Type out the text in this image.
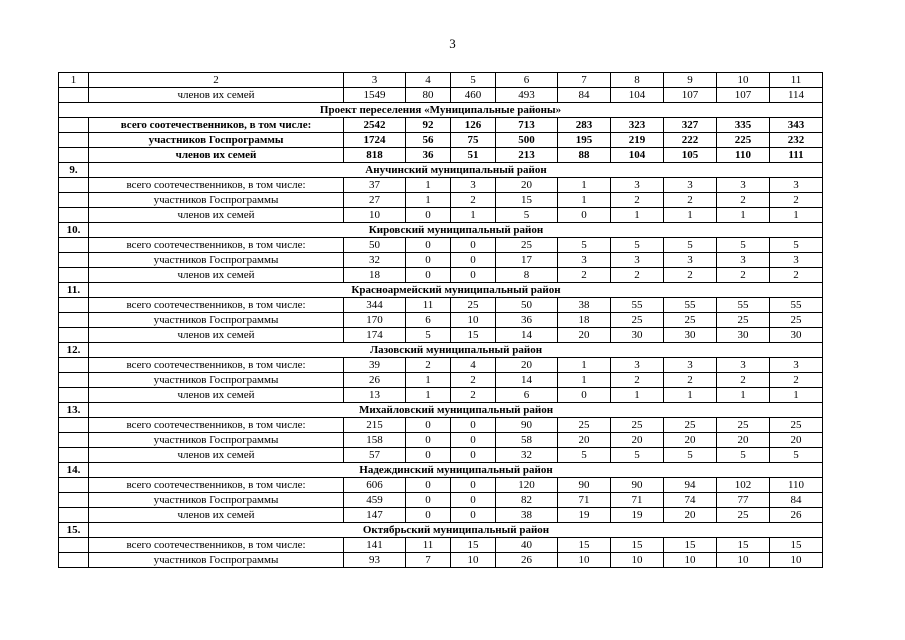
3
1	2	3	4	5	6	7	8	9	10	11
	членов их семей	1549	80	460	493	84	104	107	107	114
Проект переселения «Муниципальные районы»										
	всего соотечественников, в том числе:	2542	92	126	713	283	323	327	335	343
	участников Госпрограммы	1724	56	75	500	195	219	222	225	232
	членов их семей	818	36	51	213	88	104	105	110	111
9.	Анучинский муниципальный район									
	всего соотечественников, в том числе:	37	1	3	20	1	3	3	3	3
	участников Госпрограммы	27	1	2	15	1	2	2	2	2
	членов их семей	10	0	1	5	0	1	1	1	1
10.	Кировский муниципальный район									
	всего соотечественников, в том числе:	50	0	0	25	5	5	5	5	5
	участников Госпрограммы	32	0	0	17	3	3	3	3	3
	членов их семей	18	0	0	8	2	2	2	2	2
11.	Красноармейский муниципальный район									
	всего соотечественников, в том числе:	344	11	25	50	38	55	55	55	55
	участников Госпрограммы	170	6	10	36	18	25	25	25	25
	членов их семей	174	5	15	14	20	30	30	30	30
12.	Лазовский муниципальный район									
	всего соотечественников, в том числе:	39	2	4	20	1	3	3	3	3
	участников Госпрограммы	26	1	2	14	1	2	2	2	2
	членов их семей	13	1	2	6	0	1	1	1	1
13.	Михайловский муниципальный район									
	всего соотечественников, в том числе:	215	0	0	90	25	25	25	25	25
	участников Госпрограммы	158	0	0	58	20	20	20	20	20
	членов их семей	57	0	0	32	5	5	5	5	5
14.	Надеждинский муниципальный район									
	всего соотечественников, в том числе:	606	0	0	120	90	90	94	102	110
	участников Госпрограммы	459	0	0	82	71	71	74	77	84
	членов их семей	147	0	0	38	19	19	20	25	26
15.	Октябрьский муниципальный район									
	всего соотечественников, в том числе:	141	11	15	40	15	15	15	15	15
	участников Госпрограммы	93	7	10	26	10	10	10	10	10
